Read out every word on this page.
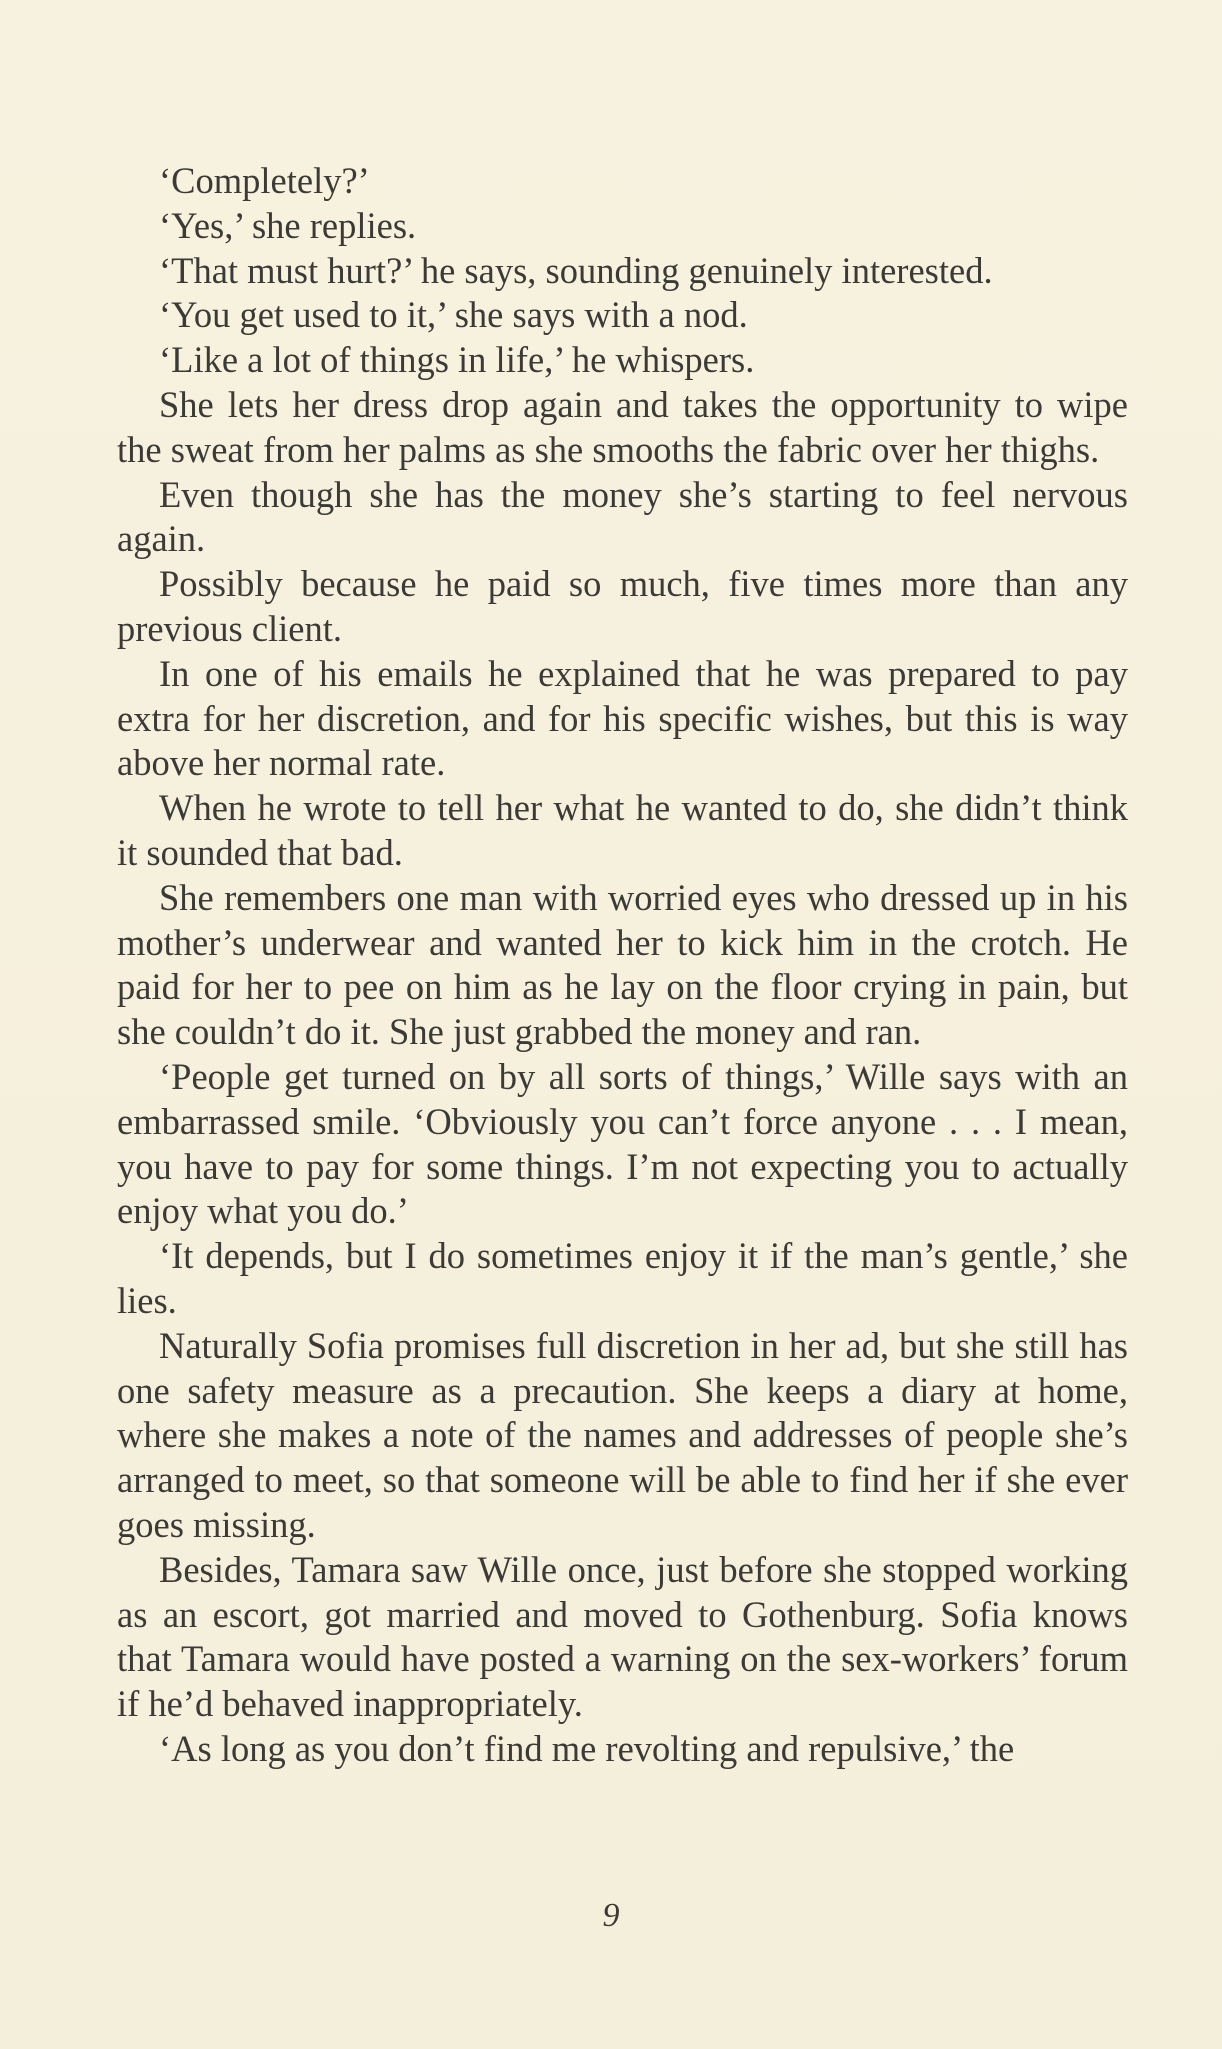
‘Completely?’

‘Yes,’ she replies.

‘That must hurt?’ he says, sounding genuinely interested.

‘You get used to it,’ she says with a nod.

‘Like a lot of things in life,’ he whispers.

She lets her dress drop again and takes the opportunity to wipe the sweat from her palms as she smooths the fabric over her thighs.

Even though she has the money she’s starting to feel nervous again.

Possibly because he paid so much, five times more than any previous client.

In one of his emails he explained that he was prepared to pay extra for her discretion, and for his specific wishes, but this is way above her normal rate.

When he wrote to tell her what he wanted to do, she didn’t think it sounded that bad.

She remembers one man with worried eyes who dressed up in his mother’s underwear and wanted her to kick him in the crotch. He paid for her to pee on him as he lay on the floor crying in pain, but she couldn’t do it. She just grabbed the money and ran.

‘People get turned on by all sorts of things,’ Wille says with an embarrassed smile. ‘Obviously you can’t force anyone . . . I mean, you have to pay for some things. I’m not expecting you to actually enjoy what you do.’

‘It depends, but I do sometimes enjoy it if the man’s gentle,’ she lies.

Naturally Sofia promises full discretion in her ad, but she still has one safety measure as a precaution. She keeps a diary at home, where she makes a note of the names and addresses of people she’s arranged to meet, so that someone will be able to find her if she ever goes missing.

Besides, Tamara saw Wille once, just before she stopped working as an escort, got married and moved to Gothenburg. Sofia knows that Tamara would have posted a warning on the sex-workers’ forum if he’d behaved inappropriately.

‘As long as you don’t find me revolting and repulsive,’ the

9
